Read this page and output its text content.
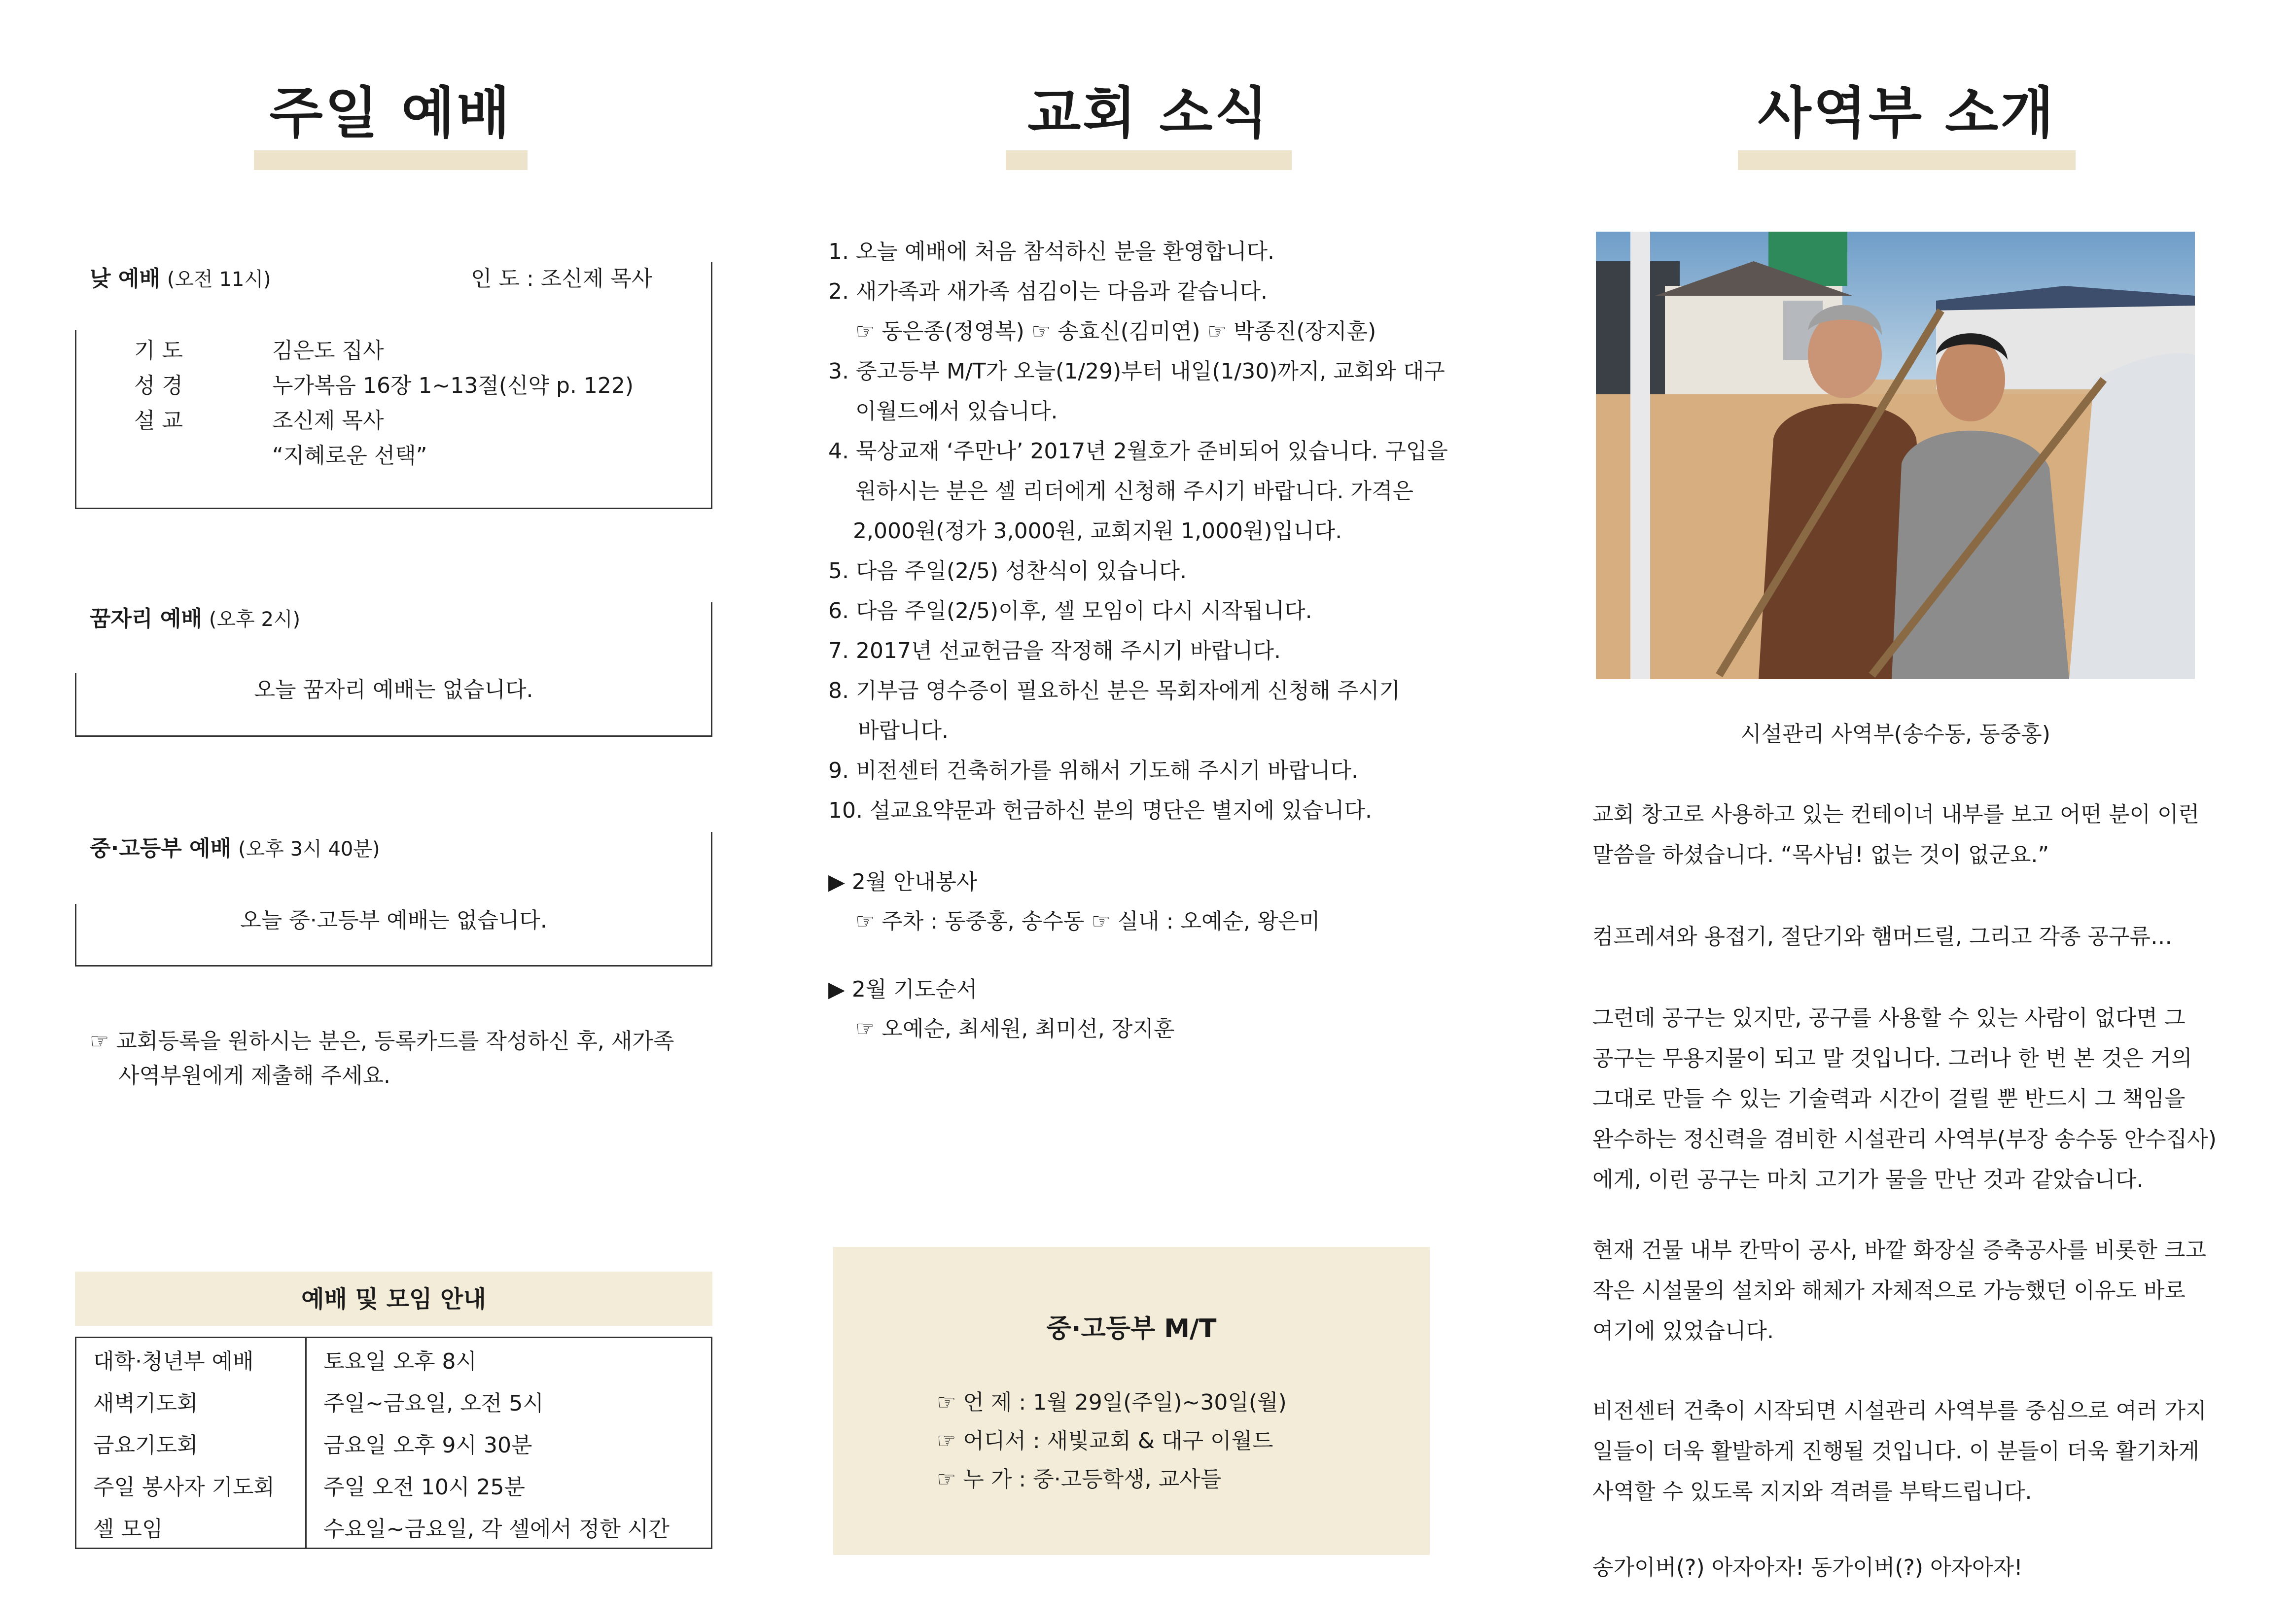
주일 예배
낮 예배 (오전 11시)	인 도 : 조신제 목사
기 도	김은도 집사
성 경	누가복음 16장 1~13절(신약 p. 122)
설 교	조신제 목사
“지혜로운 선택”
꿈자리 예배 (오후 2시)
오늘 꿈자리 예배는 없습니다.
중·고등부 예배 (오후 3시 40분)
오늘 중·고등부 예배는 없습니다.
☞ 교회등록을 원하시는 분은, 등록카드를 작성하신 후, 새가족
사역부원에게 제출해 주세요.
예배 및 모임 안내
대학·청년부 예배	토요일 오후 8시
새벽기도회	주일~금요일, 오전 5시
금요기도회	금요일 오후 9시 30분
주일 봉사자 기도회	주일 오전 10시 25분
셀 모임	수요일~금요일, 각 셀에서 정한 시간
교회 소식
1. 오늘 예배에 처음 참석하신 분을 환영합니다.
2. 새가족과 새가족 섬김이는 다음과 같습니다.
☞ 동은종(정영복) ☞ 송효신(김미연) ☞ 박종진(장지훈)
3. 중고등부 M/T가 오늘(1/29)부터 내일(1/30)까지, 교회와 대구
이월드에서 있습니다.
4. 묵상교재 ‘주만나’ 2017년 2월호가 준비되어 있습니다. 구입을
원하시는 분은 셀 리더에게 신청해 주시기 바랍니다. 가격은
2,000원(정가 3,000원, 교회지원 1,000원)입니다.
5. 다음 주일(2/5) 성찬식이 있습니다.
6. 다음 주일(2/5)이후, 셀 모임이 다시 시작됩니다.
7. 2017년 선교헌금을 작정해 주시기 바랍니다.
8. 기부금 영수증이 필요하신 분은 목회자에게 신청해 주시기
바랍니다.
9. 비전센터 건축허가를 위해서 기도해 주시기 바랍니다.
10. 설교요약문과 헌금하신 분의 명단은 별지에 있습니다.
▶ 2월 안내봉사
☞ 주차 : 동중홍, 송수동 ☞ 실내 : 오예순, 왕은미
▶ 2월 기도순서
☞ 오예순, 최세원, 최미선, 장지훈
중·고등부 M/T
☞ 언 제 : 1월 29일(주일)~30일(월)
☞ 어디서 : 새빛교회 & 대구 이월드
☞ 누 가 : 중·고등학생, 교사들
사역부 소개
시설관리 사역부(송수동, 동중홍)
교회 창고로 사용하고 있는 컨테이너 내부를 보고 어떤 분이 이런
말씀을 하셨습니다. “목사님! 없는 것이 없군요.”
컴프레셔와 용접기, 절단기와 햄머드릴, 그리고 각종 공구류…
그런데 공구는 있지만, 공구를 사용할 수 있는 사람이 없다면 그
공구는 무용지물이 되고 말 것입니다. 그러나 한 번 본 것은 거의
그대로 만들 수 있는 기술력과 시간이 걸릴 뿐 반드시 그 책임을
완수하는 정신력을 겸비한 시설관리 사역부(부장 송수동 안수집사)
에게, 이런 공구는 마치 고기가 물을 만난 것과 같았습니다.
현재 건물 내부 칸막이 공사, 바깥 화장실 증축공사를 비롯한 크고
작은 시설물의 설치와 해체가 자체적으로 가능했던 이유도 바로
여기에 있었습니다.
비전센터 건축이 시작되면 시설관리 사역부를 중심으로 여러 가지
일들이 더욱 활발하게 진행될 것입니다. 이 분들이 더욱 활기차게
사역할 수 있도록 지지와 격려를 부탁드립니다.
송가이버(?) 아자아자! 동가이버(?) 아자아자!
